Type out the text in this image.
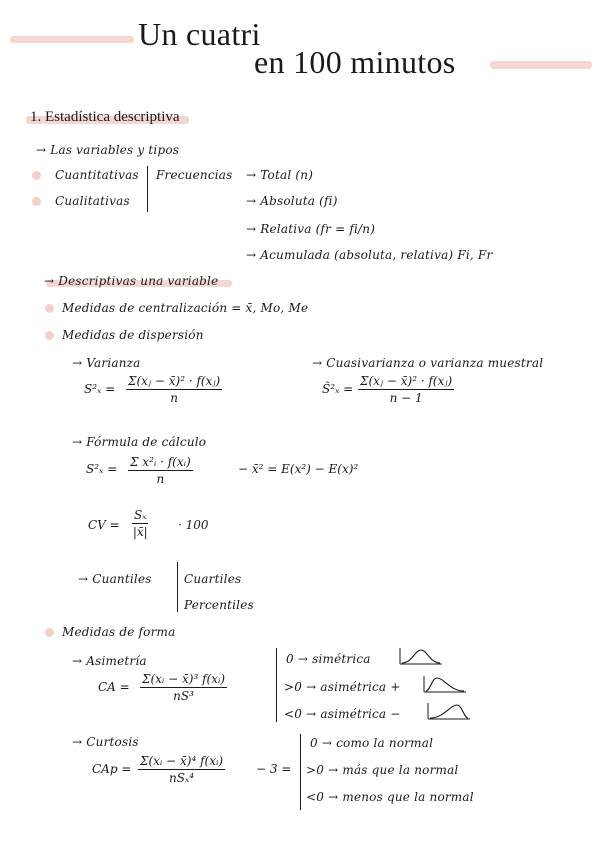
Un cuatri
en 100 minutos
1. Estadística descriptiva
→ Las variables y tipos
Cuantitativas
Cualitativas
Frecuencias → Total (n)
→ Absoluta (fi)
→ Relativa (fr = fi/n)
→ Acumulada (absoluta, relativa) Fi, Fr
→ Descriptivas una variable
Medidas de centralización = x̄, Mo, Me
Medidas de dispersión
→ Varianza
$S^2_x = \frac{\text{Σ(xⱼ − x̄)² · f(xⱼ)}}{n}$
→ Cuasivarianza o varianza muestral
Ŝ²ₓ = $\frac{\text{Σ(xⱼ − x̄)² · f(xⱼ)}}{n - 1}$
→ Fórmula de cálculo
$S^2_x = \frac{\text{Σ x²ᵢ · f(xᵢ)}}{n}$	− x̄² = E(x²) − E(x)²
CV = $\frac{\text{Sₓ}}{|x̄|} \cdot 100$
→ Cuantiles	Cuartiles
Percentiles
Medidas de forma
→ Asimetría
CA = $\frac{\text{Σ(xᵢ − x̄)³ f(xᵢ)}}{\text{nS³}}$
0 → simétrica
>0 → asimétrica +
<0 → asimétrica −
→ Curtosis
CAp =
Σ(xᵢ − x̄)⁴ f(xᵢ)
nSₓ⁴
− 3 =
0 → como la normal
>0 → más que la normal
<0 → menos que la normal
